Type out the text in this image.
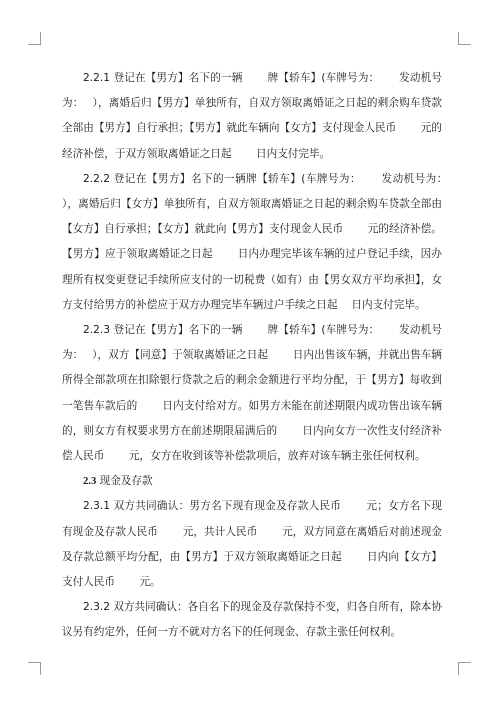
2.2.1 登记在【男方】名下的一辆 　　牌【轿车】(车牌号为：　　 发动机号为：　 ），离婚后归【男方】单独所有，自双方领取离婚证之日起的剩余购车贷款全部由【男方】自行承担；【男方】就此车辆向【女方】支付现金人民币 　　元的经济补偿，于双方领取离婚证之日起 　　日内支付完毕。

2.2.2 登记在【男方】名下的一辆牌【轿车】(车牌号为：　　 发动机号为：　　 ），离婚后归【女方】单独所有，自双方领取离婚证之日起的剩余购车贷款全部由【女方】自行承担；【女方】就此向【男方】支付现金人民币 　　元的经济补偿。【男方】应于领取离婚证之日起 　　日内办理完毕该车辆的过户登记手续，因办理所有权变更登记手续所应支付的一切税费（如有）由【男女双方平均承担】，女方支付给男方的补偿应于双方办理完毕车辆过户手续之日起 　日内支付完毕。

2.2.3 登记在【男方】名下的一辆 　　牌【轿车】(车牌号为：　　 发动机号为：　 ），双方【同意】于领取离婚证之日起 　　日内出售该车辆，并就出售车辆所得全部款项在扣除银行贷款之后的剩余金额进行平均分配，于【男方】每收到一笔售车款后的 　　日内支付给对方。如男方未能在前述期限内成功售出该车辆的，则女方有权要求男方在前述期限届满后的 　　日内向女方一次性支付经济补偿人民币 　　元，女方在收到该等补偿款项后，放弃对该车辆主张任何权利。

2.3 现金及存款

2.3.1 双方共同确认：男方名下现有现金及存款人民币 　　元；女方名下现有现金及存款人民币 　　元，共计人民币 　　元，双方同意在离婚后对前述现金及存款总额平均分配，由【男方】于双方领取离婚证之日起 　　日内向【女方】支付人民币 　　元。

2.3.2 双方共同确认：各自名下的现金及存款保持不变，归各自所有，除本协议另有约定外，任何一方不就对方名下的任何现金、存款主张任何权利。
